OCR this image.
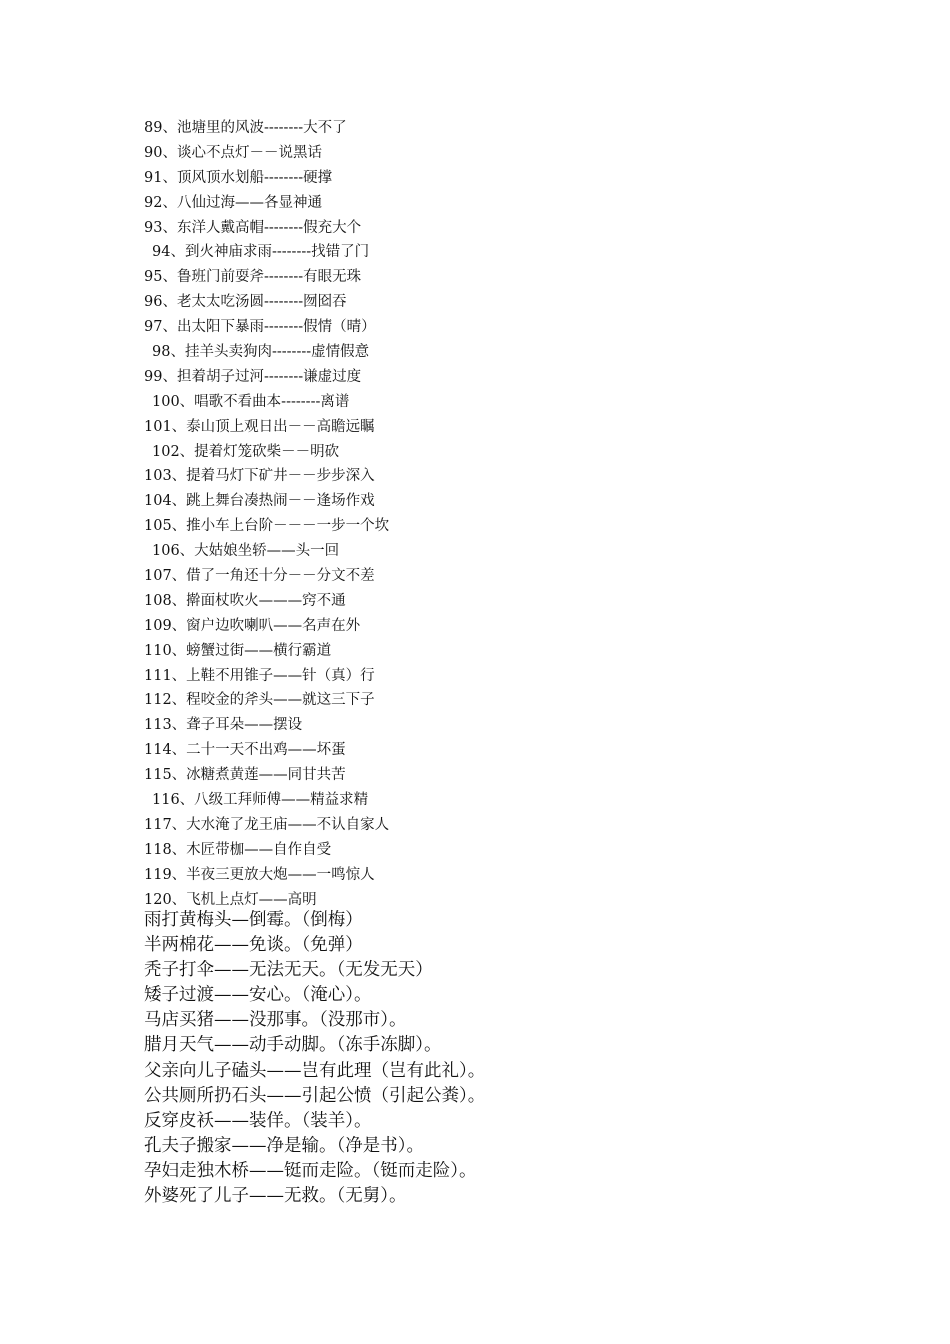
89、池塘里的风波--------大不了
90、谈心不点灯－－说黑话
91、顶风顶水划船--------硬撑
92、八仙过海——各显神通
93、东洋人戴高帽--------假充大个
94、到火神庙求雨--------找错了门
95、鲁班门前耍斧--------有眼无珠
96、老太太吃汤圆--------囫囵吞
97、出太阳下暴雨--------假情（晴）
98、挂羊头卖狗肉--------虚情假意
99、担着胡子过河--------谦虚过度
100、唱歌不看曲本--------离谱
101、泰山顶上观日出－－高瞻远瞩
102、提着灯笼砍柴－－明砍
103、提着马灯下矿井－－步步深入
104、跳上舞台凑热闹－－逢场作戏
105、推小车上台阶－－－一步一个坎
106、大姑娘坐轿——头一回
107、借了一角还十分－－分文不差
108、擀面杖吹火———窍不通
109、窗户边吹喇叭——名声在外
110、螃蟹过街——横行霸道
111、上鞋不用锥子——针（真）行
112、程咬金的斧头——就这三下子
113、聋子耳朵——摆设
114、二十一天不出鸡——坏蛋
115、冰糖煮黄莲——同甘共苦
116、八级工拜师傅——精益求精
117、大水淹了龙王庙——不认自家人
118、木匠带枷——自作自受
119、半夜三更放大炮——一鸣惊人
120、飞机上点灯——高明
雨打黄梅头—倒霉。（倒梅）
半两棉花——免谈。（免弹）
秃子打伞——无法无天。（无发无天）
矮子过渡——安心。（淹心）。
马店买猪——没那事。（没那市）。
腊月天气——动手动脚。（冻手冻脚）。
父亲向儿子磕头——岂有此理（岂有此礼）。
公共厕所扔石头——引起公愤（引起公粪）。
反穿皮袄——装佯。（装羊）。
孔夫子搬家——净是输。（净是书）。
孕妇走独木桥——铤而走险。（铤而走险）。
外婆死了儿子——无救。（无舅）。
